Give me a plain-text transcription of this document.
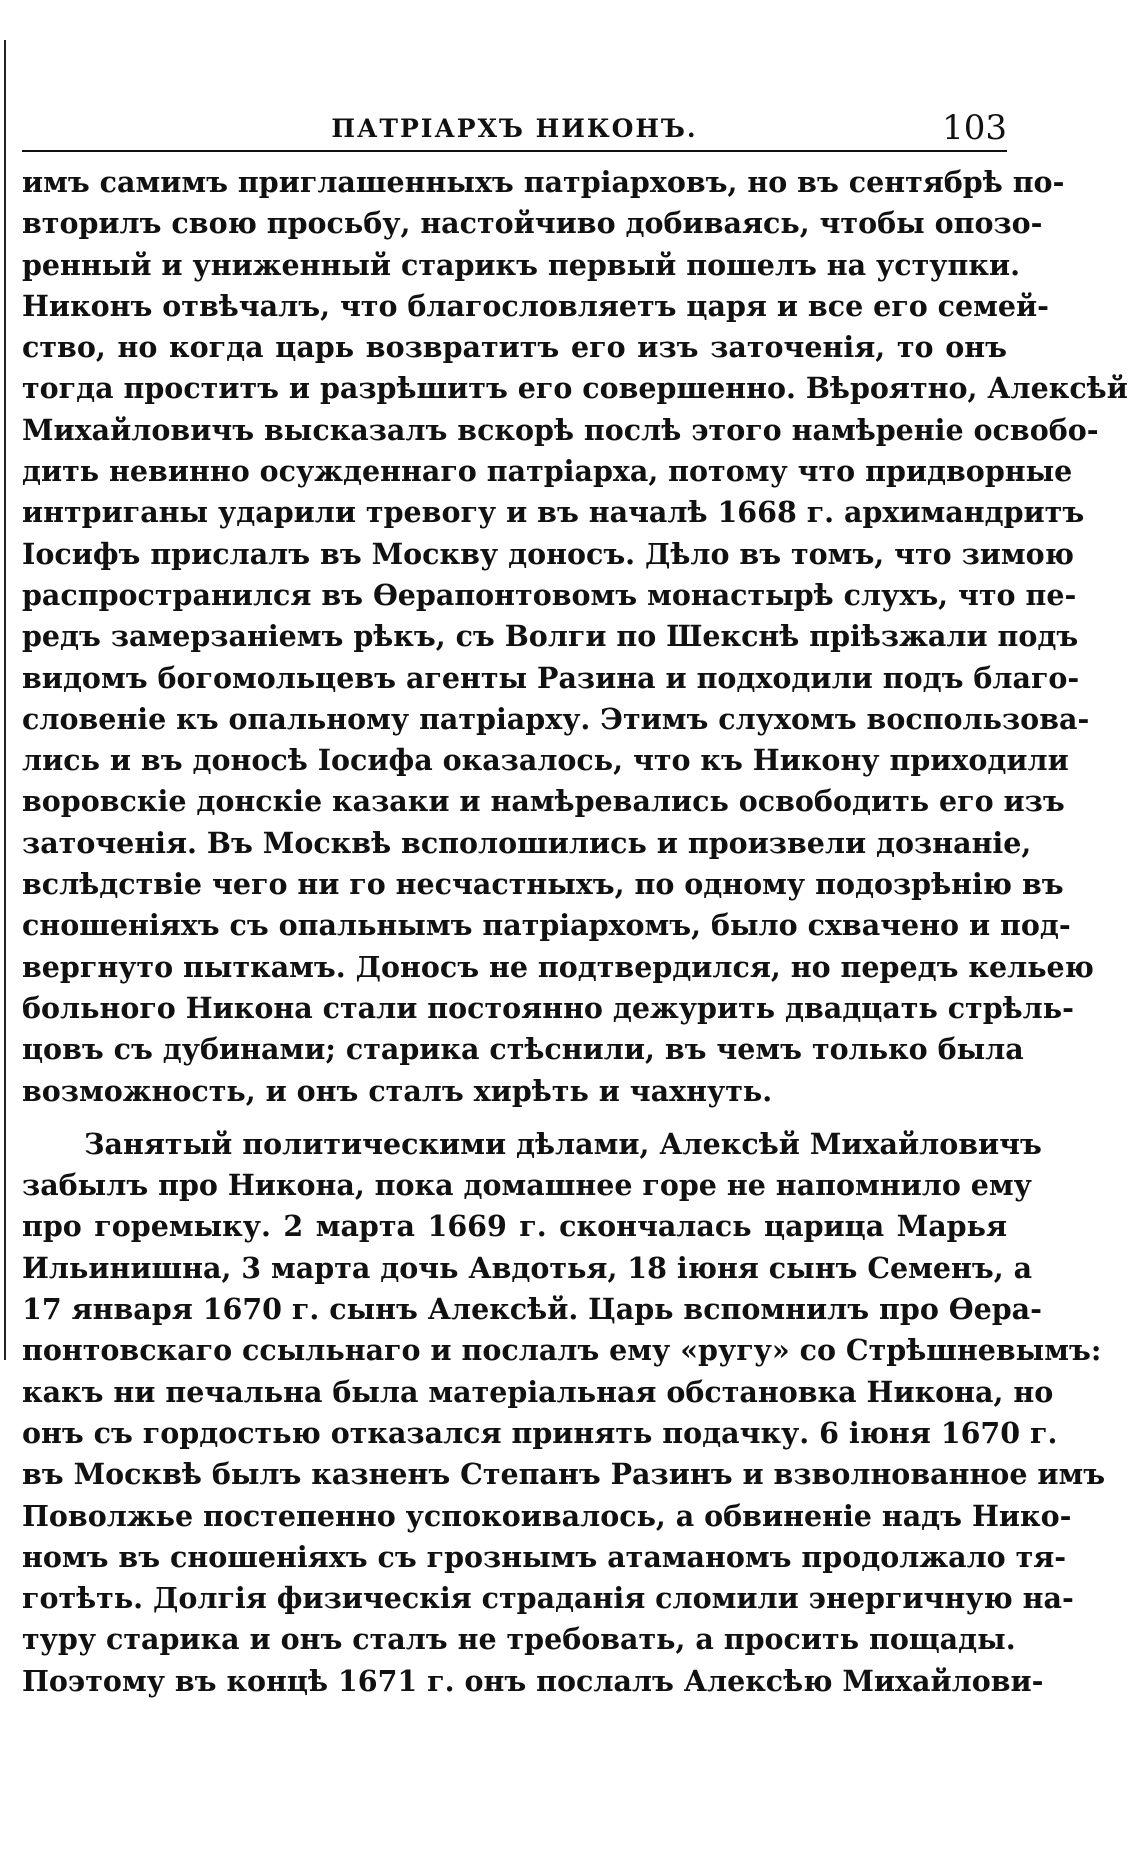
ПАТРІАРХЪ НИКОНЪ.	103
имъ самимъ приглашенныхъ патріарховъ, но въ сентябрѣ по-
вторилъ свою просьбу, настойчиво добиваясь, чтобы опозо-
ренный и униженный старикъ первый пошелъ на уступки.
Никонъ отвѣчалъ, что благословляетъ царя и все его семей-
ство, но когда царь возвратитъ его изъ заточенія, то онъ
тогда проститъ и разрѣшитъ его совершенно. Вѣроятно, Алексѣй
Михайловичъ высказалъ вскорѣ послѣ этого намѣреніе освобо-
дить невинно осужденнаго патріарха, потому что придворные
интриганы ударили тревогу и въ началѣ 1668 г. архимандритъ
Іосифъ прислалъ въ Москву доносъ. Дѣло въ томъ, что зимою
распространился въ Ѳерапонтовомъ монастырѣ слухъ, что пе-
редъ замерзаніемъ рѣкъ, съ Волги по Шекснѣ пріѣзжали подъ
видомъ богомольцевъ агенты Разина и подходили подъ благо-
словеніе къ опальному патріарху. Этимъ слухомъ воспользова-
лись и въ доносѣ Іосифа оказалось, что къ Никону приходили
воровскіе донскіе казаки и намѣревались освободить его изъ
заточенія. Въ Москвѣ всполошились и произвели дознаніе,
вслѣдствіе чего ни го несчастныхъ, по одному подозрѣнію въ
сношеніяхъ съ опальнымъ патріархомъ, было схвачено и под-
вергнуто пыткамъ. Доносъ не подтвердился, но передъ кельею
больного Никона стали постоянно дежурить двадцать стрѣль-
цовъ съ дубинами; старика стѣснили, въ чемъ только была
возможность, и онъ сталъ хирѣть и чахнуть.
Занятый политическими дѣлами, Алексѣй Михайловичъ
забылъ про Никона, пока домашнее горе не напомнило ему
про горемыку. 2 марта 1669 г. скончалась царица Марья
Ильинишна, 3 марта дочь Авдотья, 18 іюня сынъ Семенъ, а
17 января 1670 г. сынъ Алексѣй. Царь вспомнилъ про Ѳера-
понтовскаго ссыльнаго и послалъ ему «ругу» со Стрѣшневымъ:
какъ ни печальна была матеріальная обстановка Никона, но
онъ съ гордостью отказался принять подачку. 6 іюня 1670 г.
въ Москвѣ былъ казненъ Степанъ Разинъ и взволнованное имъ
Поволжье постепенно успокоивалось, а обвиненіе надъ Нико-
номъ въ сношеніяхъ съ грознымъ атаманомъ продолжало тя-
готѣть. Долгія физическія страданія сломили энергичную на-
туру старика и онъ сталъ не требовать, а просить пощады.
Поэтому въ концѣ 1671 г. онъ послалъ Алексѣю Михайлови-
